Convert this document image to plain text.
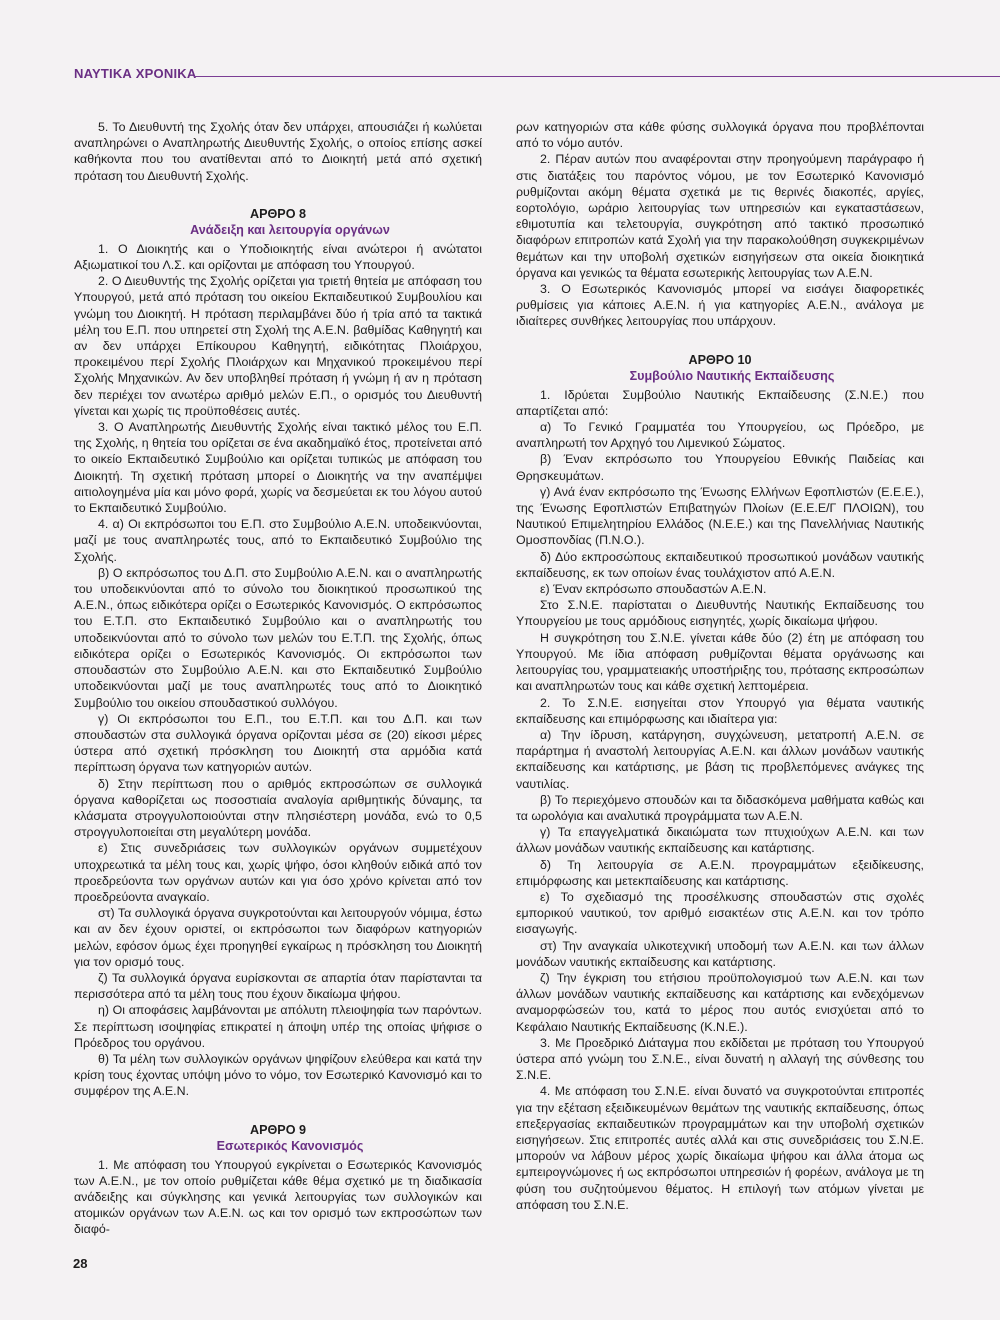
ΝΑΥΤΙΚΑ ΧΡΟΝΙΚΑ

5. Το Διευθυντή της Σχολής όταν δεν υπάρχει, απουσιάζει ή κωλύεται αναπληρώνει ο Αναπληρωτής Διευθυντής Σχολής, ο οποίος επίσης ασκεί καθήκοντα που του ανατίθενται από το Διοικητή μετά από σχετική πρόταση του Διευθυντή Σχολής.

ΑΡΘΡΟ 8

Ανάδειξη και λειτουργία οργάνων

1. Ο Διοικητής και ο Υποδιοικητής είναι ανώτεροι ή ανώτατοι Αξιωματικοί του Λ.Σ. και ορίζονται με απόφαση του Υπουργού.

2. Ο Διευθυντής της Σχολής ορίζεται για τριετή θητεία με απόφαση του Υπουργού, μετά από πρόταση του οικείου Εκπαιδευτικού Συμβουλίου και γνώμη του Διοικητή. Η πρόταση περιλαμβάνει δύο ή τρία από τα τακτικά μέλη του Ε.Π. που υπηρετεί στη Σχολή της Α.Ε.Ν. βαθμίδας Καθηγητή και αν δεν υπάρχει Επίκουρου Καθηγητή, ειδικότητας Πλοιάρχου, προκειμένου περί Σχολής Πλοιάρχων και Μηχανικού προκειμένου περί Σχολής Μηχανικών. Αν δεν υποβληθεί πρόταση ή γνώμη ή αν η πρόταση δεν περιέχει τον ανωτέρω αριθμό μελών Ε.Π., ο ορισμός του Διευθυντή γίνεται και χωρίς τις προϋποθέσεις αυτές.

3. Ο Αναπληρωτής Διευθυντής Σχολής είναι τακτικό μέλος του Ε.Π. της Σχολής, η θητεία του ορίζεται σε ένα ακαδημαϊκό έτος, προτείνεται από το οικείο Εκπαιδευτικό Συμβούλιο και ορίζεται τυπικώς με απόφαση του Διοικητή. Τη σχετική πρόταση μπορεί ο Διοικητής να την αναπέμψει αιτιολογημένα μία και μόνο φορά, χωρίς να δεσμεύεται εκ του λόγου αυτού το Εκπαιδευτικό Συμβούλιο.

4. α) Οι εκπρόσωποι του Ε.Π. στο Συμβούλιο Α.Ε.Ν. υποδεικνύονται, μαζί με τους αναπληρωτές τους, από το Εκπαιδευτικό Συμβούλιο της Σχολής.

β) Ο εκπρόσωπος του Δ.Π. στο Συμβούλιο Α.Ε.Ν. και ο αναπληρωτής του υποδεικνύονται από το σύνολο του διοικητικού προσωπικού της Α.Ε.Ν., όπως ειδικότερα ορίζει ο Εσωτερικός Κανονισμός. Ο εκπρόσωπος του Ε.Τ.Π. στο Εκπαιδευτικό Συμβούλιο και ο αναπληρωτής του υποδεικνύονται από το σύνολο των μελών του Ε.Τ.Π. της Σχολής, όπως ειδικότερα ορίζει ο Εσωτερικός Κανονισμός. Οι εκπρόσωποι των σπουδαστών στο Συμβούλιο Α.Ε.Ν. και στο Εκπαιδευτικό Συμβούλιο υποδεικνύονται μαζί με τους αναπληρωτές τους από το Διοικητικό Συμβούλιο του οικείου σπουδαστικού συλλόγου.

γ) Οι εκπρόσωποι του Ε.Π., του Ε.Τ.Π. και του Δ.Π. και των σπουδαστών στα συλλογικά όργανα ορίζονται μέσα σε (20) είκοσι μέρες ύστερα από σχετική πρόσκληση του Διοικητή στα αρμόδια κατά περίπτωση όργανα των κατηγοριών αυτών.

δ) Στην περίπτωση που ο αριθμός εκπροσώπων σε συλλογικά όργανα καθορίζεται ως ποσοστιαία αναλογία αριθμητικής δύναμης, τα κλάσματα στρογγυλοποιούνται στην πλησιέστερη μονάδα, ενώ το 0,5 στρογγυλοποιείται στη μεγαλύτερη μονάδα.

ε) Στις συνεδριάσεις των συλλογικών οργάνων συμμετέχουν υποχρεωτικά τα μέλη τους και, χωρίς ψήφο, όσοι κληθούν ειδικά από τον προεδρεύοντα των οργάνων αυτών και για όσο χρόνο κρίνεται από τον προεδρεύοντα αναγκαίο.

στ) Τα συλλογικά όργανα συγκροτούνται και λειτουργούν νόμιμα, έστω και αν δεν έχουν οριστεί, οι εκπρόσωποι των διαφόρων κατηγοριών μελών, εφόσον όμως έχει προηγηθεί εγκαίρως η πρόσκληση του Διοικητή για τον ορισμό τους.

ζ) Τα συλλογικά όργανα ευρίσκονται σε απαρτία όταν παρίστανται τα περισσότερα από τα μέλη τους που έχουν δικαίωμα ψήφου.

η) Οι αποφάσεις λαμβάνονται με απόλυτη πλειοψηφία των παρόντων. Σε περίπτωση ισοψηφίας επικρατεί η άποψη υπέρ της οποίας ψήφισε ο Πρόεδρος του οργάνου.

θ) Τα μέλη των συλλογικών οργάνων ψηφίζουν ελεύθερα και κατά την κρίση τους έχοντας υπόψη μόνο το νόμο, τον Εσωτερικό Κανονισμό και το συμφέρον της Α.Ε.Ν.

ΑΡΘΡΟ 9

Εσωτερικός Κανονισμός

1. Με απόφαση του Υπουργού εγκρίνεται ο Εσωτερικός Κανονισμός των Α.Ε.Ν., με τον οποίο ρυθμίζεται κάθε θέμα σχετικό με τη διαδικασία ανάδειξης και σύγκλησης και γενικά λειτουργίας των συλλογικών και ατομικών οργάνων των Α.Ε.Ν. ως και τον ορισμό των εκπροσώπων των διαφό-

ρων κατηγοριών στα κάθε φύσης συλλογικά όργανα που προβλέπονται από το νόμο αυτόν.

2. Πέραν αυτών που αναφέρονται στην προηγούμενη παράγραφο ή στις διατάξεις του παρόντος νόμου, με τον Εσωτερικό Κανονισμό ρυθμίζονται ακόμη θέματα σχετικά με τις θερινές διακοπές, αργίες, εορτολόγιο, ωράριο λειτουργίας των υπηρεσιών και εγκαταστάσεων, εθιμοτυπία και τελετουργία, συγκρότηση από τακτικό προσωπικό διαφόρων επιτροπών κατά Σχολή για την παρακολούθηση συγκεκριμένων θεμάτων και την υποβολή σχετικών εισηγήσεων στα οικεία διοικητικά όργανα και γενικώς τα θέματα εσωτερικής λειτουργίας των Α.Ε.Ν.

3. Ο Εσωτερικός Κανονισμός μπορεί να εισάγει διαφορετικές ρυθμίσεις για κάποιες Α.Ε.Ν. ή για κατηγορίες Α.Ε.Ν., ανάλογα με ιδιαίτερες συνθήκες λειτουργίας που υπάρχουν.

ΑΡΘΡΟ 10

Συμβούλιο Ναυτικής Εκπαίδευσης

1. Ιδρύεται Συμβούλιο Ναυτικής Εκπαίδευσης (Σ.Ν.Ε.) που απαρτίζεται από:

α) Το Γενικό Γραμματέα του Υπουργείου, ως Πρόεδρο, με αναπληρωτή τον Αρχηγό του Λιμενικού Σώματος.

β) Έναν εκπρόσωπο του Υπουργείου Εθνικής Παιδείας και Θρησκευμάτων.

γ) Ανά έναν εκπρόσωπο της Ένωσης Ελλήνων Εφοπλιστών (Ε.Ε.Ε.), της Ένωσης Εφοπλιστών Επιβατηγών Πλοίων (Ε.Ε.Ε/Γ ΠΛΟΙΩΝ), του Ναυτικού Επιμελητηρίου Ελλάδος (Ν.Ε.Ε.) και της Πανελλήνιας Ναυτικής Ομοσπονδίας (Π.Ν.Ο.).

δ) Δύο εκπροσώπους εκπαιδευτικού προσωπικού μονάδων ναυτικής εκπαίδευσης, εκ των οποίων ένας τουλάχιστον από Α.Ε.Ν.

ε) Έναν εκπρόσωπο σπουδαστών Α.Ε.Ν.

Στο Σ.Ν.Ε. παρίσταται ο Διευθυντής Ναυτικής Εκπαίδευσης του Υπουργείου με τους αρμόδιους εισηγητές, χωρίς δικαίωμα ψήφου.

Η συγκρότηση του Σ.Ν.Ε. γίνεται κάθε δύο (2) έτη με απόφαση του Υπουργού. Με ίδια απόφαση ρυθμίζονται θέματα οργάνωσης και λειτουργίας του, γραμματειακής υποστήριξης του, πρότασης εκπροσώπων και αναπληρωτών τους και κάθε σχετική λεπτομέρεια.

2. Το Σ.Ν.Ε. εισηγείται στον Υπουργό για θέματα ναυτικής εκπαίδευσης και επιμόρφωσης και ιδιαίτερα για:

α) Την ίδρυση, κατάργηση, συγχώνευση, μετατροπή Α.Ε.Ν. σε παράρτημα ή αναστολή λειτουργίας Α.Ε.Ν. και άλλων μονάδων ναυτικής εκπαίδευσης και κατάρτισης, με βάση τις προβλεπόμενες ανάγκες της ναυτιλίας.

β) Το περιεχόμενο σπουδών και τα διδασκόμενα μαθήματα καθώς και τα ωρολόγια και αναλυτικά προγράμματα των Α.Ε.Ν.

γ) Τα επαγγελματικά δικαιώματα των πτυχιούχων Α.Ε.Ν. και των άλλων μονάδων ναυτικής εκπαίδευσης και κατάρτισης.

δ) Τη λειτουργία σε Α.Ε.Ν. προγραμμάτων εξειδίκευσης, επιμόρφωσης και μετεκπαίδευσης και κατάρτισης.

ε) Το σχεδιασμό της προσέλκυσης σπουδαστών στις σχολές εμπορικού ναυτικού, τον αριθμό εισακτέων στις Α.Ε.Ν. και τον τρόπο εισαγωγής.

στ) Την αναγκαία υλικοτεχνική υποδομή των Α.Ε.Ν. και των άλλων μονάδων ναυτικής εκπαίδευσης και κατάρτισης.

ζ) Την έγκριση του ετήσιου προϋπολογισμού των Α.Ε.Ν. και των άλλων μονάδων ναυτικής εκπαίδευσης και κατάρτισης και ενδεχόμενων αναμορφώσεών του, κατά το μέρος που αυτός ενισχύεται από το Κεφάλαιο Ναυτικής Εκπαίδευσης (Κ.Ν.Ε.).

3. Με Προεδρικό Διάταγμα που εκδίδεται με πρόταση του Υπουργού ύστερα από γνώμη του Σ.Ν.Ε., είναι δυνατή η αλλαγή της σύνθεσης του Σ.Ν.Ε.

4. Με απόφαση του Σ.Ν.Ε. είναι δυνατό να συγκροτούνται επιτροπές για την εξέταση εξειδικευμένων θεμάτων της ναυτικής εκπαίδευσης, όπως επεξεργασίας εκπαιδευτικών προγραμμάτων και την υποβολή σχετικών εισηγήσεων. Στις επιτροπές αυτές αλλά και στις συνεδριάσεις του Σ.Ν.Ε. μπορούν να λάβουν μέρος χωρίς δικαίωμα ψήφου και άλλα άτομα ως εμπειρογνώμονες ή ως εκπρόσωποι υπηρεσιών ή φορέων, ανάλογα με τη φύση του συζητούμενου θέματος. Η επιλογή των ατόμων γίνεται με απόφαση του Σ.Ν.Ε.

28
